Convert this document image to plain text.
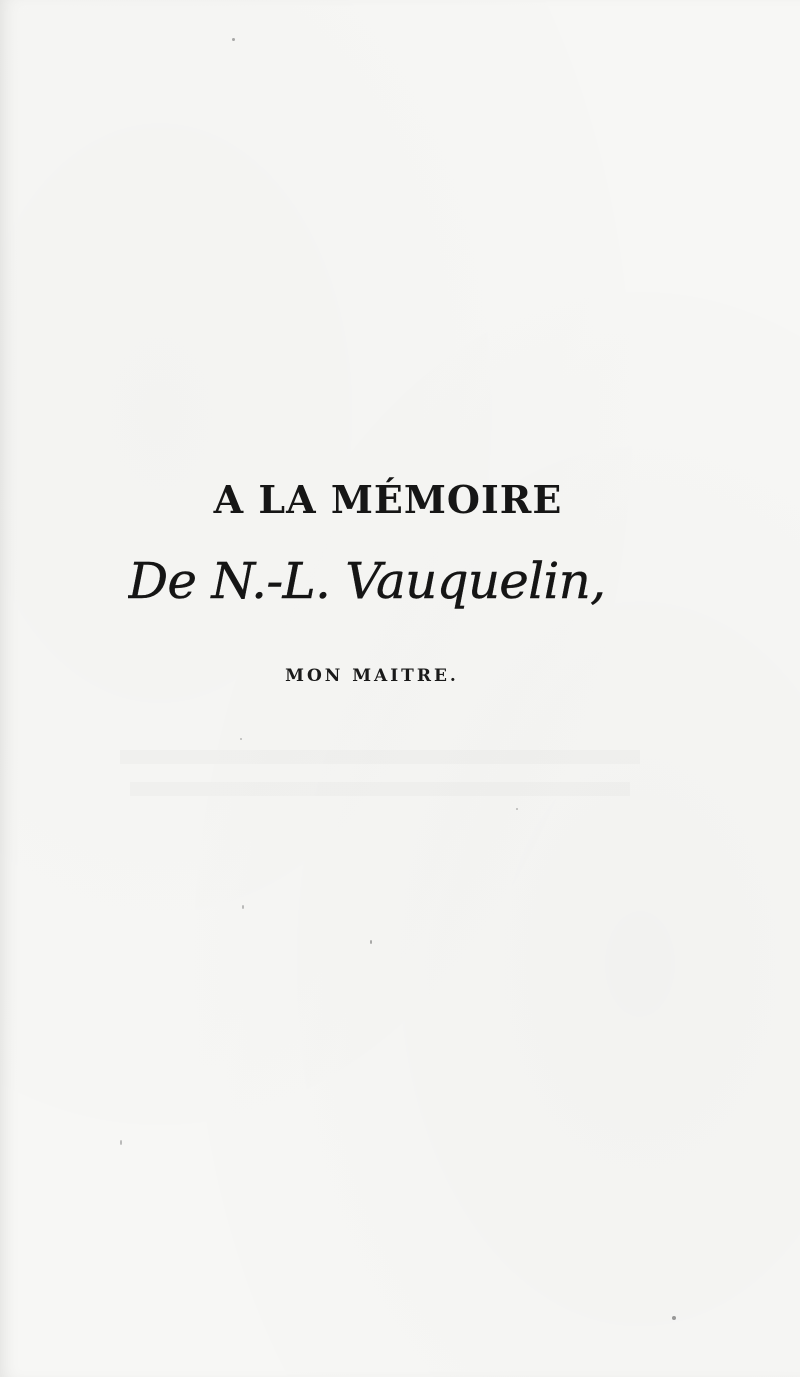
A LA MÉMOIRE
De N.-L. Vauquelin,
MON MAITRE.
